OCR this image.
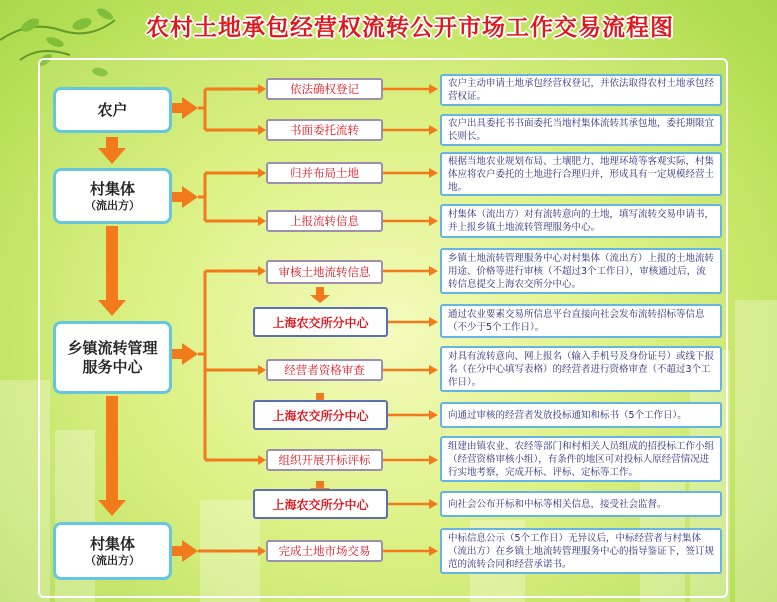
农村土地承包经营权流转公开市场工作交易流程图
农户
村集体
（流出方）
乡镇流转管理服务中心
村集体
（流出方）
依法确权登记
书面委托流转
归并布局土地
上报流转信息
审核土地流转信息
上海农交所分中心
经营者资格审查
上海农交所分中心
组织开展开标评标
上海农交所分中心
完成土地市场交易
农户主动申请土地承包经营权登记，并依法取得农村土地承包经营权证。
农户出具委托书书面委托当地村集体流转其承包地，委托期限宜长则长。
根据当地农业规划布局、土壤肥力、地理环境等客观实际，村集体应将农户委托的土地进行合理归并，形成具有一定规模经营土地。
村集体（流出方）对有流转意向的土地，填写流转交易申请书，并上报乡镇土地流转管理服务中心。
乡镇土地流转管理服务中心对村集体（流出方）上报的土地流转用途、价格等进行审核（不超过3个工作日），审核通过后，流转信息提交上海农交所分中心。
通过农业要素交易所信息平台直接向社会发布流转招标等信息（不少于5个工作日）。
对具有流转意向、网上报名（输入手机号及身份证号）或线下报名（在分中心填写表格）的经营者进行资格审查（不超过3个工作日）。
向通过审核的经营者发放投标通知和标书（5个工作日）。
组建由镇农业、农经等部门和村相关人员组成的招投标工作小组（经营资格审核小组），有条件的地区可对投标人原经营情况进行实地考察，完成开标、评标、定标等工作。
向社会公布开标和中标等相关信息，接受社会监督。
中标信息公示（5个工作日）无异议后，中标经营者与村集体（流出方）在乡镇土地流转管理服务中心的指导鉴证下，签订规范的流转合同和经营承诺书。
